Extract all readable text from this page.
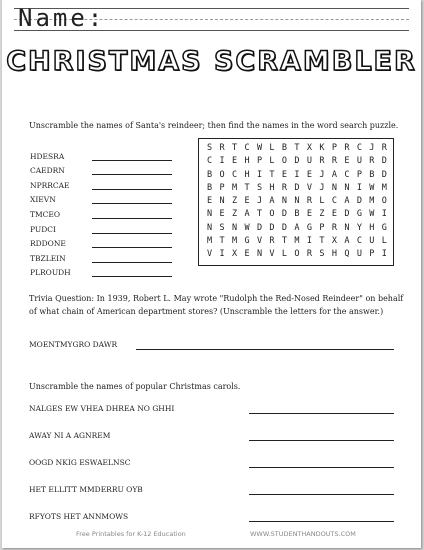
Name:
CHRISTMAS SCRAMBLER
Unscramble the names of Santa's reindeer; then find the names in the word search puzzle.
HDESRA
CAEDRN
NPRRCAE
XIEVN
TMCEO
PUDCI
RDDONE
TBZLEIN
PLROUDH
S R T C W L B T X K P R C J R
C I E H P L O D U R R E U R D
B O C H I T E I E J A C P B D
B P M T S H R D V J N N I W M
E N Z E J A N N R L C A D M O
N E Z A T O D B E Z E D G W I
N S N W D D D A G P R N Y H G
M T M G V R T M I T X A C U L
V I X E N V L O R S H Q U P I
Trivia Question: In 1939, Robert L. May wrote "Rudolph the Red-Nosed Reindeer" on behalf
of what chain of American department stores? (Unscramble the letters for the answer.)
MOENTMYGRO DAWR
Unscramble the names of popular Christmas carols.
NALGES EW VHEA DHREA NO GHHI
AWAY NI A AGNREM
OOGD NKIG ESWAELNSC
HET ELLITT MMDERRU OYB
RFYOTS HET ANNMOWS
Free Printables for K-12 Education	WWW.STUDENTHANDOUTS.COM
